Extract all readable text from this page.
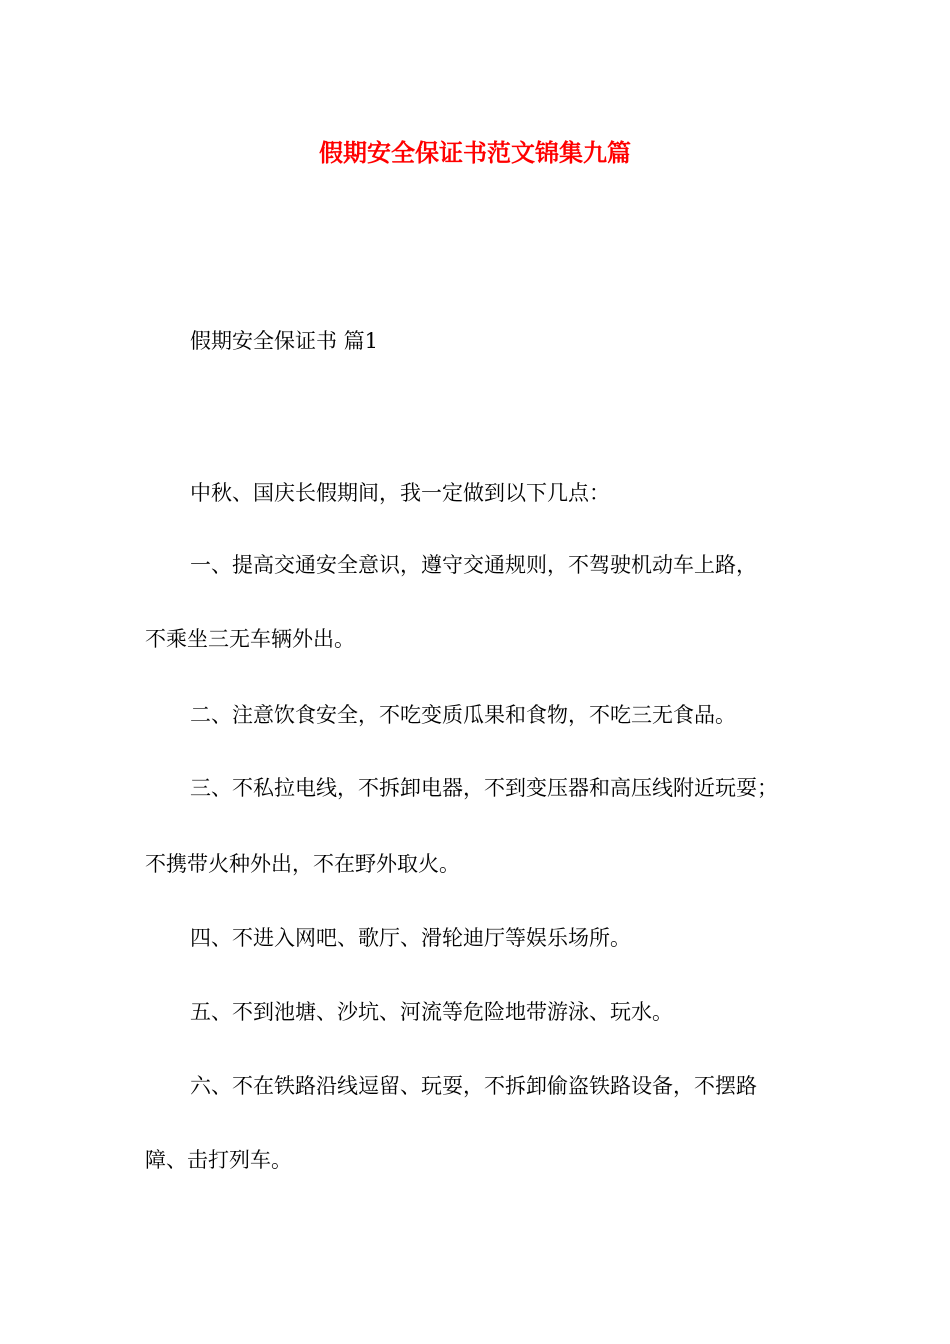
假期安全保证书范文锦集九篇
假期安全保证书 篇1
中秋、国庆长假期间，我一定做到以下几点：
一、提高交通安全意识，遵守交通规则，不驾驶机动车上路，
不乘坐三无车辆外出。
二、注意饮食安全，不吃变质瓜果和食物，不吃三无食品。
三、不私拉电线，不拆卸电器，不到变压器和高压线附近玩耍；
不携带火种外出，不在野外取火。
四、不进入网吧、歌厅、滑轮迪厅等娱乐场所。
五、不到池塘、沙坑、河流等危险地带游泳、玩水。
六、不在铁路沿线逗留、玩耍，不拆卸偷盗铁路设备，不摆路
障、击打列车。
